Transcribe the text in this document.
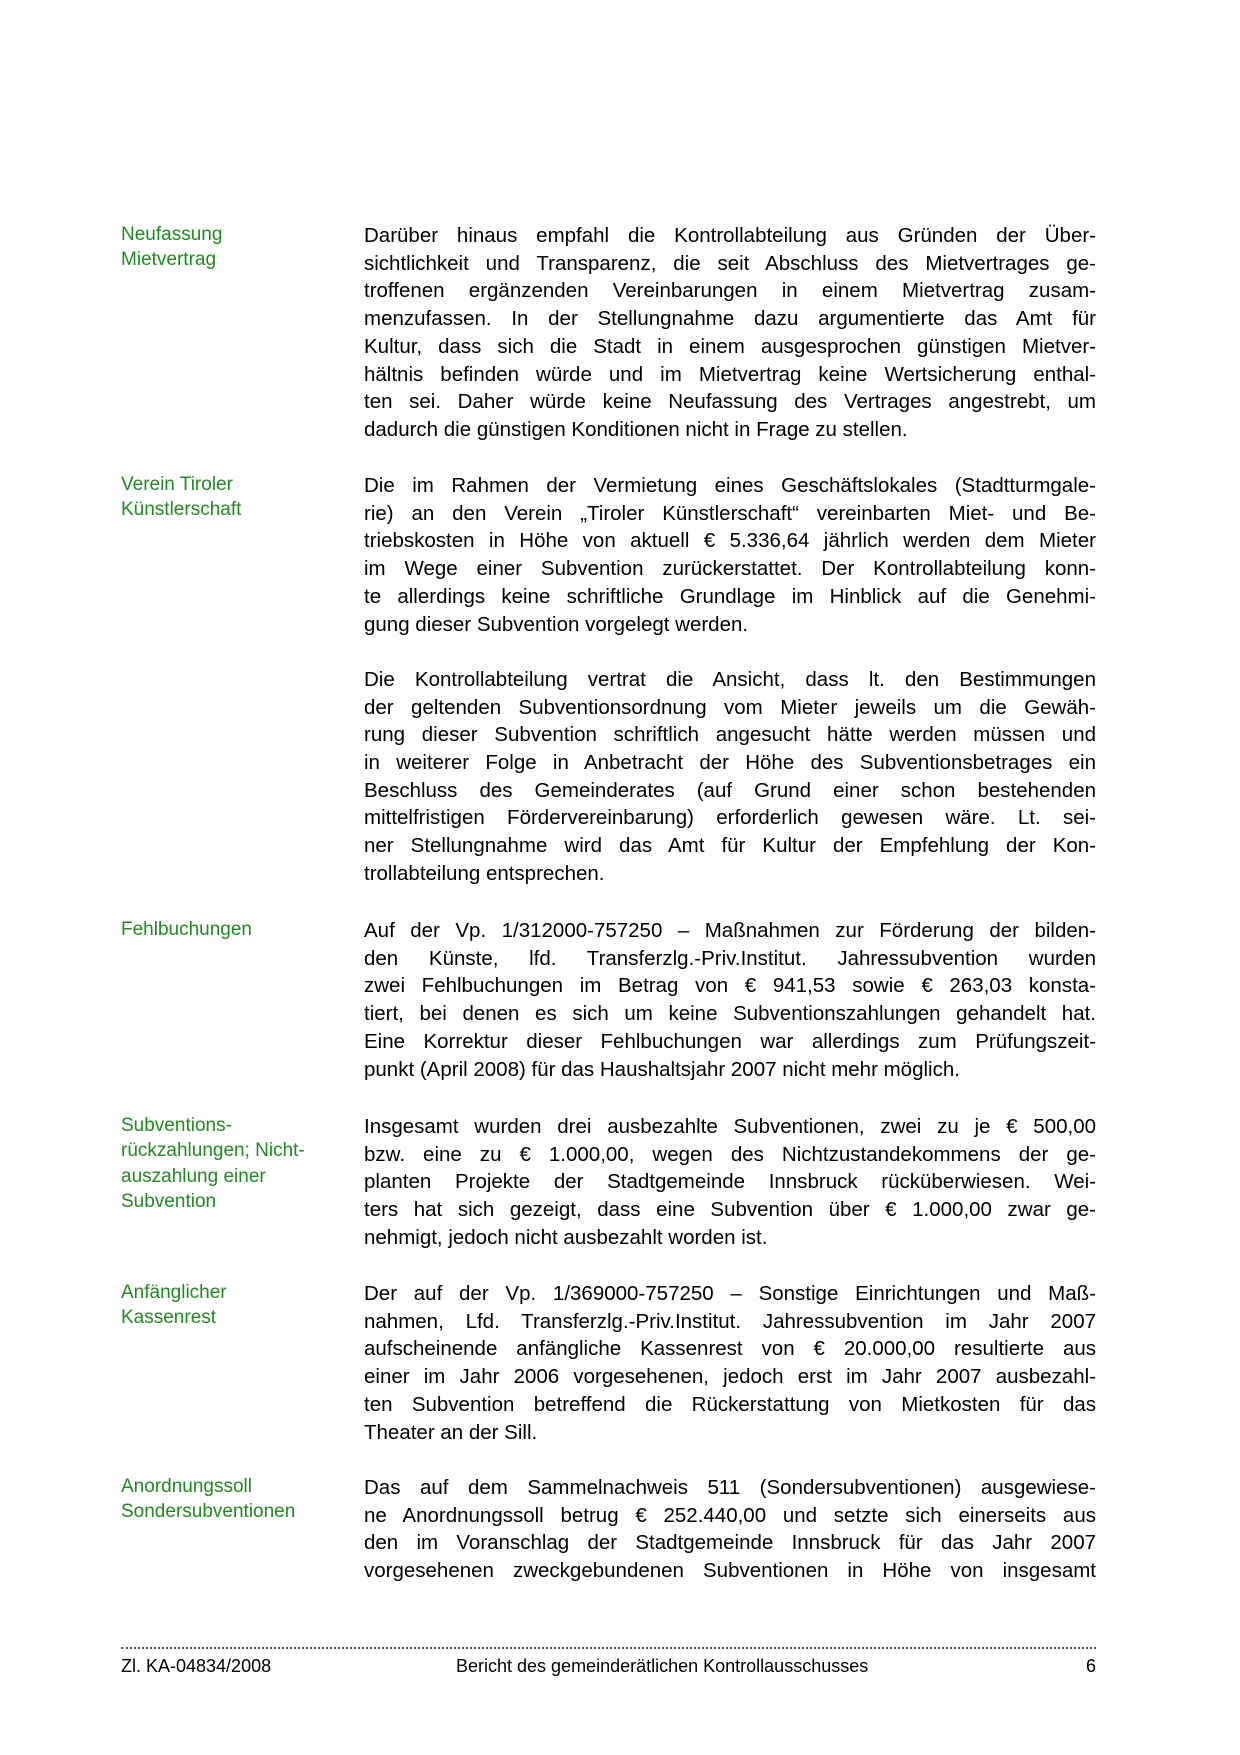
Neufassung
Mietvertrag
Darüber hinaus empfahl die Kontrollabteilung aus Gründen der Über-
sichtlichkeit und Transparenz, die seit Abschluss des Mietvertrages ge-
troffenen ergänzenden Vereinbarungen in einem Mietvertrag zusam-
menzufassen. In der Stellungnahme dazu argumentierte das Amt für
Kultur, dass sich die Stadt in einem ausgesprochen günstigen Mietver-
hältnis befinden würde und im Mietvertrag keine Wertsicherung enthal-
ten sei. Daher würde keine Neufassung des Vertrages angestrebt, um
dadurch die günstigen Konditionen nicht in Frage zu stellen.
Verein Tiroler
Künstlerschaft
Die im Rahmen der Vermietung eines Geschäftslokales (Stadtturmgale-
rie) an den Verein „Tiroler Künstlerschaft“ vereinbarten Miet- und Be-
triebskosten in Höhe von aktuell € 5.336,64 jährlich werden dem Mieter
im Wege einer Subvention zurückerstattet. Der Kontrollabteilung konn-
te allerdings keine schriftliche Grundlage im Hinblick auf die Genehmi-
gung dieser Subvention vorgelegt werden.
Die Kontrollabteilung vertrat die Ansicht, dass lt. den Bestimmungen
der geltenden Subventionsordnung vom Mieter jeweils um die Gewäh-
rung dieser Subvention schriftlich angesucht hätte werden müssen und
in weiterer Folge in Anbetracht der Höhe des Subventionsbetrages ein
Beschluss des Gemeinderates (auf Grund einer schon bestehenden
mittelfristigen Fördervereinbarung) erforderlich gewesen wäre. Lt. sei-
ner Stellungnahme wird das Amt für Kultur der Empfehlung der Kon-
trollabteilung entsprechen.
Fehlbuchungen	Auf der Vp. 1/312000-757250 – Maßnahmen zur Förderung der bilden-
den Künste, lfd. Transferzlg.-Priv.Institut. Jahressubvention wurden
zwei Fehlbuchungen im Betrag von € 941,53 sowie € 263,03 konsta-
tiert, bei denen es sich um keine Subventionszahlungen gehandelt hat.
Eine Korrektur dieser Fehlbuchungen war allerdings zum Prüfungszeit-
punkt (April 2008) für das Haushaltsjahr 2007 nicht mehr möglich.
Subventions-
rückzahlungen; Nicht-
auszahlung einer
Subvention
Insgesamt wurden drei ausbezahlte Subventionen, zwei zu je € 500,00
bzw. eine zu € 1.000,00, wegen des Nichtzustandekommens der ge-
planten Projekte der Stadtgemeinde Innsbruck rücküberwiesen. Wei-
ters hat sich gezeigt, dass eine Subvention über € 1.000,00 zwar ge-
nehmigt, jedoch nicht ausbezahlt worden ist.
Anfänglicher
Kassenrest
Der auf der Vp. 1/369000-757250 – Sonstige Einrichtungen und Maß-
nahmen, Lfd. Transferzlg.-Priv.Institut. Jahressubvention im Jahr 2007
aufscheinende anfängliche Kassenrest von € 20.000,00 resultierte aus
einer im Jahr 2006 vorgesehenen, jedoch erst im Jahr 2007 ausbezahl-
ten Subvention betreffend die Rückerstattung von Mietkosten für das
Theater an der Sill.
Anordnungssoll
Sondersubventionen
Das auf dem Sammelnachweis 511 (Sondersubventionen) ausgewiese-
ne Anordnungssoll betrug € 252.440,00 und setzte sich einerseits aus
den im Voranschlag der Stadtgemeinde Innsbruck für das Jahr 2007
vorgesehenen zweckgebundenen Subventionen in Höhe von insgesamt
Zl. KA-04834/2008	Bericht des gemeinderätlichen Kontrollausschusses	6
